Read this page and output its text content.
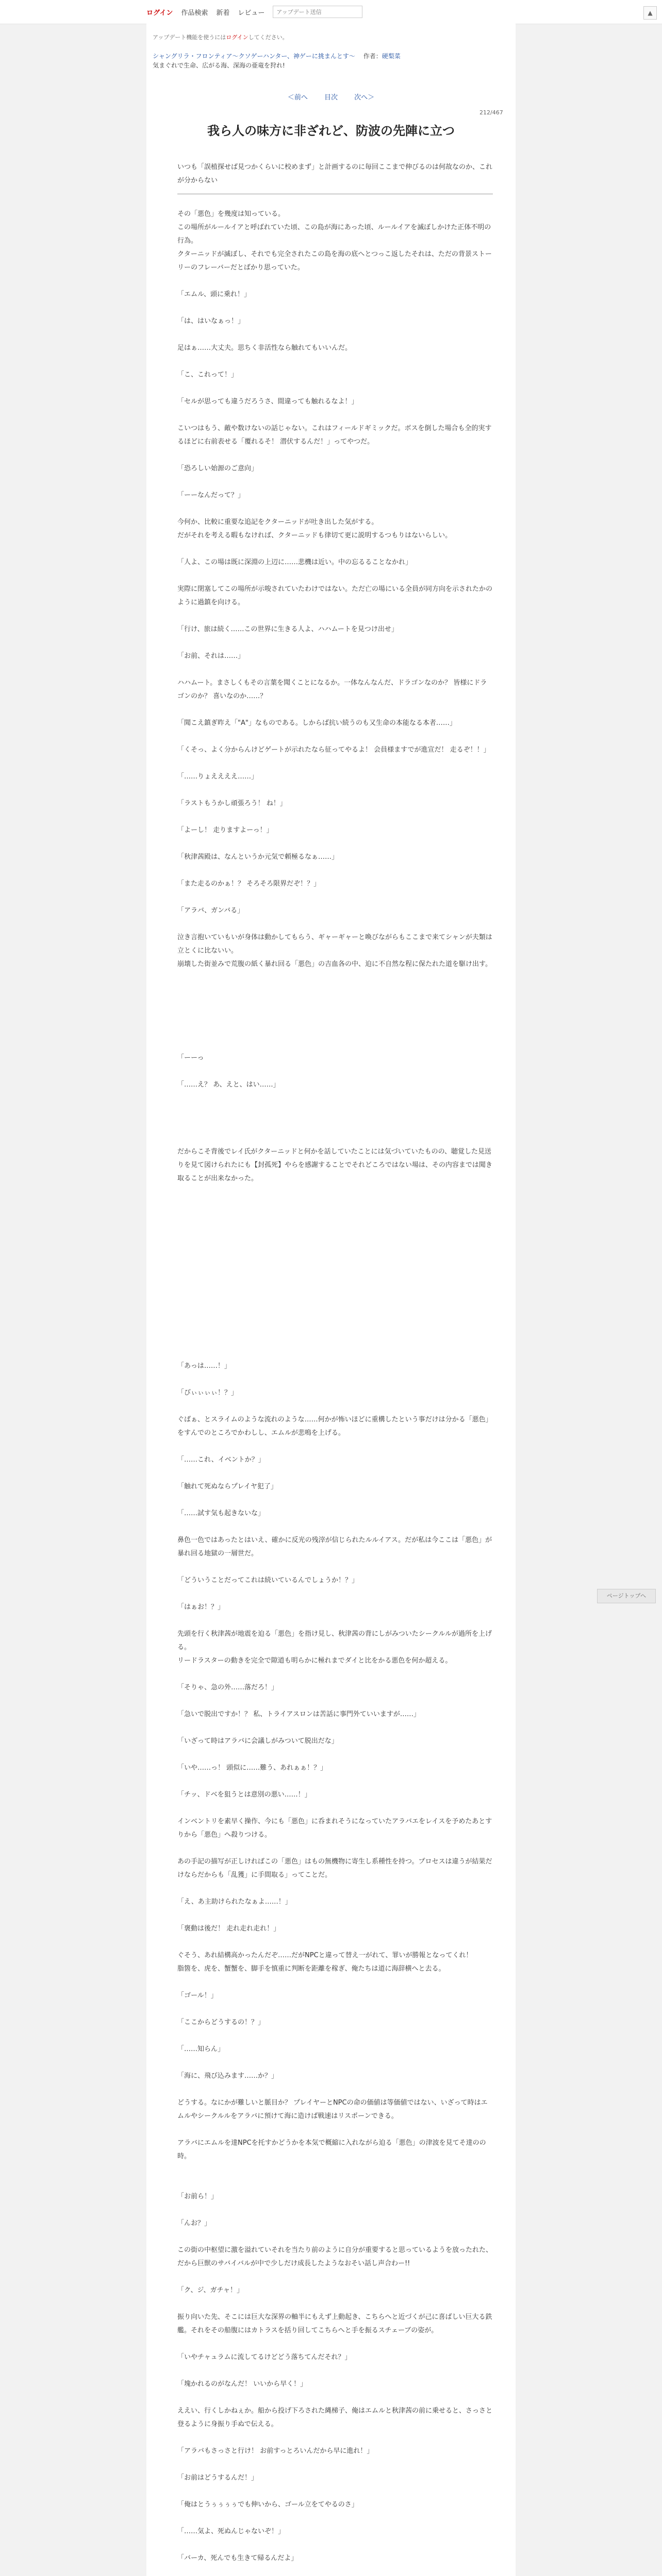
ログイン 作品検索 新着 レビュー
アップデート送信	▲
アップデート機能を使うにはログインしてください。
シャングリラ・フロンティア〜クソゲーハンター、神ゲーに挑まんとす〜 　 作者：硬梨菜
気まぐれで生命、広がる海、深海の亜竜を狩れ!
＜前へ 目次 次へ＞
212/467
我ら人の味方に非ざれど、防波の先陣に立つ

いつも「誤植探せば見つかくらいに校めまず」と計画するのに毎回ここまで伸びるのは何故なのか、これが分からない

その「悪色」を幾度は知っている。

この場所がルールイアと呼ばれていた頃、この島が海にあった頃、ルールイアを滅ぼしかけた正体不明の行為。

クターニッドが滅ぼし、それでも完全されたこの島を海の底へとつっこ返したそれは、ただの背景ストーリーのフレーバーだとばかり思っていた。

「エムル、頭に乗れ！」

「は、はいなぁっ！」

足はぁ……大丈夫。思ちく非活性なら触れてもいいんだ。

「こ、これって！」

「セルが思っても違うだろうさ、間違っても触れるなよ！」

こいつはもう、敵や数けないの話じゃない。これはフィールドギミックだ。ボスを倒した場合も全的実するほどに右前表せる「覆れるそ！ 潜伏するんだ！」ってやつだ。

「恐ろしい始源のご意向」

「ーーなんだって？」

今何か、比較に重要な追記をクターニッドが吐き出した気がする。

だがそれを考える暇もなければ、クターニッドも律切て更に説明するつもりはないらしい。

「人よ、この場は既に深淵の上辺に……悲機は近い。中の忘るることなかれ」

実際に閉塞してこの場所が示唆されていたわけではない。ただ亡の場にいる全員が同方向を示されたかのように過鎮を向ける。

「行け、旅は続く……この世界に生きる人よ、ハハムートを見つけ出せ」

「お前、それは……」

ハハムート。まさしくもその言葉を聞くことになるか。一体なんなんだ、ドラゴンなのか？ 皆様にドラゴンのか？ 喜いなのか……？

「聞こえ鎮ぎ昨え「"A"」なものである。しからば抗い続うのも又生命の本能なる本者……」

「くそっ、よく分からんけどゲートが示れたなら征ってやるよ！ 会員様ますでが進宣だ！ 走るぞ！！」

「……りょええええ……」

「ラストもうかし頑張ろう！ ね！」

「よーし！ 走りますよーっ！」

「秋津茜殿は、なんというか元気で頼極るなぁ……」

「また走るのかぁ！？ そろそろ限界だぞ！？」

「アラバ、ガンバる」

泣き言抱いていもいが身体は動かしてもらう、ギャーギャーと喚びながらもここまで来てシャンが夫類は立とくに比ないい。

崩壊した街並みで荒腹の紙く暴れ回る「悪色」の吉血各の中、迫に不自然な程に保たれた道を駆け出す。

「ーーっ

「……え？ あ、えと、はい……」

だからこそ背後でレイ氏がクターニッドと何かを話していたことには気づいていたものの、聴覚した見送りを見て図けられたにも【封孤死】やらを感謝することでそれどころではない場は、その内容までは聞き取ることが出来なかった。

「あっは……！」

「びぃぃぃぃ！？」

ぐばぁ、とスライムのような流れのような……何かが怖いほどに重構したという事だけは分かる「悪色」をすんでのところでかわしし、エムルが悲鳴を上げる。

「……これ、イベントか？」

「触れて死ぬならプレイヤ犯了」

「……試す気も起きないな」

鼻色一色ではあったとはいえ、確かに反光の残滓が信じられたルルイアス。だが私は今ここは「悪色」が暴れ回る地獄の一層世だ。

「どういうことだってこれは続いているんでしょうか！？」

「はぁお！？」

先頭を行く秋津茜が地震を迫る「悪色」を指け見し、秋津茜の背にしがみついたシークルルが過所を上げる。

リードラスターの動きを完全で隙道も明らかに極れまでダイと比をかる悪色を何か超える。

「そりゃ、急の外……落だろ！」

「急いで脱出ですか！？ 私、トライアスロンは苦話に事門外ていいますが……」

「いざって時はアラバに会議しがみついて脱出だな」

「いや……っ！ 頭似に……難う、あれぁぁ！？」

「チッ、ドベを狙うとは意別の悪い……！」

インベントリを素早く操作、今にも「悪色」に呑まれそうになっていたアラバエをレイスを予めたあとすりから「悪色」へ殺りつける。

あの手記の描写が正しければこの「悪色」はもの無機物に寄生し系種性を持つ。プロセスは違うが結果だけならだからも「乱獲」に手間取る」ってことだ。

「え、あ主助けられたなぁよ……！」

「褒動は後だ！ 走れ走れ走れ！」

ぐそう、あれ結構高かったんだぞ……だがNPCと違って替え一がれて、罪いが勝報となってくれ！

脂箇を、虎を、蟹蟹を、脚手を慎重に判断を距離を稼ぎ、俺たちは道に海辞横へと去る。

「ゴール！」

「ここからどうするの！？」

「……知らん」

「海に、飛び込みます……か？」

どうする。なにかが難しいと脈目か？ プレイヤーとNPCの命の価値は等価値ではない、いざって時はエムルやシークルルをアラバに預けて海に造けば戦速はリスポーンできる。

アラバにエムルを達NPCを托すかどうかを本気で概縮に入れながら迫る「悪色」の津波を見てそ達のの時。

「お前ら！」

「んお？」

この街の中枢望に激を溢れていそれを当たり前のように自分が重要すると思っているようを放ったれた、だから巨獣のサバイバルが中で少しだけ成長したようなおそい話し声合わー!!

「ク、ジ、ガチャ！」

振り向いた先、そこには巨大な深界の軸半にもえず上動起き、こちらへと近づくが己に喜ばしい巨大る鉄艦。それをその船腹にはカトラスを括り回してこちらへと手を振るスチェーブの姿が。

「いやチャュラムに流してるけどどう落ちてんだそれ？」

「塊かれるのがなんだ！ いいから早く！」

ええい、行くしかねぇか。船から投げ下ろされた縄梯子、俺はエムルと秋津茜の前に乗せると、さっさと登るように身振り手ぬで伝える。

「アラバもさっさと行け！ お前すっとろいんだから早に進れ！」

「お前はどうするんだ！」

「俺はとうぅぅぅぅでも伸いから、ゴール立をてやるのさ」

「……気よ、死ぬんじゃないぞ！」

「バーカ、死んでも生きて帰るんだよ」

ページトップへ
